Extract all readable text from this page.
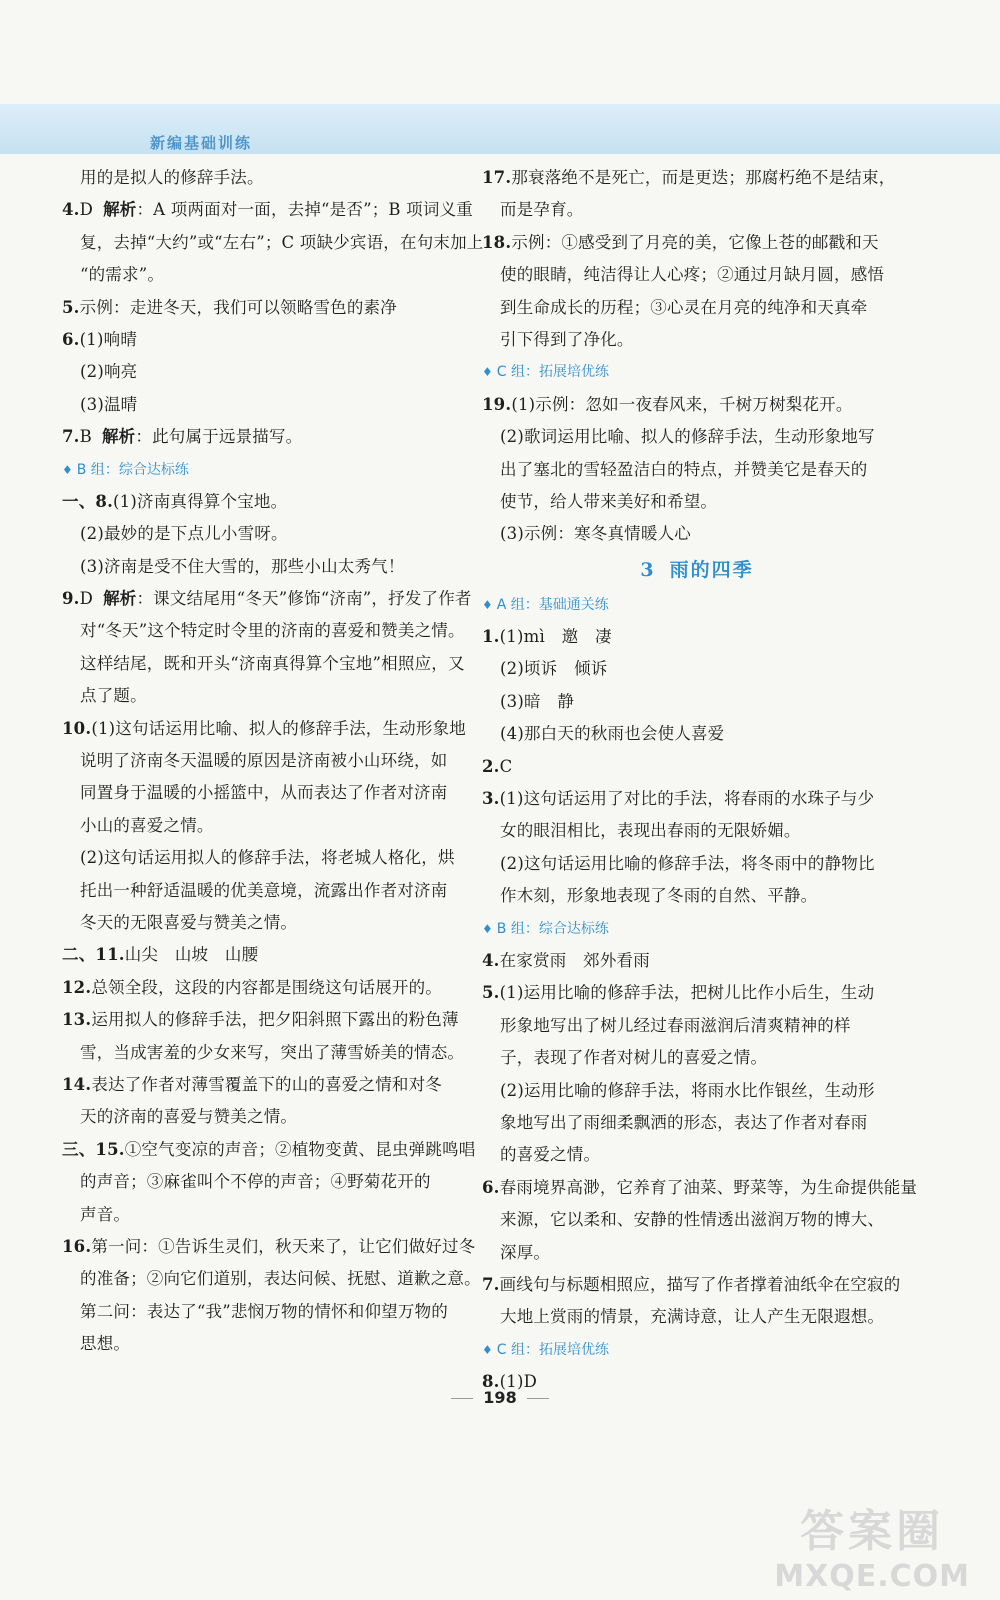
新编基础训练
用的是拟人的修辞手法。
4.D 解析：A 项两面对一面，去掉“是否”；B 项词义重
复，去掉“大约”或“左右”；C 项缺少宾语，在句末加上
“的需求”。
5.示例：走进冬天，我们可以领略雪色的素净
6.(1)响晴
(2)响亮
(3)温晴
7.B 解析：此句属于远景描写。
♦ B 组：综合达标练
一、8.(1)济南真得算个宝地。
(2)最妙的是下点儿小雪呀。
(3)济南是受不住大雪的，那些小山太秀气！
9.D 解析：课文结尾用“冬天”修饰“济南”，抒发了作者
对“冬天”这个特定时令里的济南的喜爱和赞美之情。
这样结尾，既和开头“济南真得算个宝地”相照应，又
点了题。
10.(1)这句话运用比喻、拟人的修辞手法，生动形象地
说明了济南冬天温暖的原因是济南被小山环绕，如
同置身于温暖的小摇篮中，从而表达了作者对济南
小山的喜爱之情。
(2)这句话运用拟人的修辞手法，将老城人格化，烘
托出一种舒适温暖的优美意境，流露出作者对济南
冬天的无限喜爱与赞美之情。
二、11.山尖　山坡　山腰
12.总领全段，这段的内容都是围绕这句话展开的。
13.运用拟人的修辞手法，把夕阳斜照下露出的粉色薄
雪，当成害羞的少女来写，突出了薄雪娇美的情态。
14.表达了作者对薄雪覆盖下的山的喜爱之情和对冬
天的济南的喜爱与赞美之情。
三、15.①空气变凉的声音；②植物变黄、昆虫弹跳鸣唱
的声音；③麻雀叫个不停的声音；④野菊花开的
声音。
16.第一问：①告诉生灵们，秋天来了，让它们做好过冬
的准备；②向它们道别，表达问候、抚慰、道歉之意。
第二问：表达了“我”悲悯万物的情怀和仰望万物的
思想。
17.那衰落绝不是死亡，而是更迭；那腐朽绝不是结束，
而是孕育。
18.示例：①感受到了月亮的美，它像上苍的邮戳和天
使的眼睛，纯洁得让人心疼；②通过月缺月圆，感悟
到生命成长的历程；③心灵在月亮的纯净和天真牵
引下得到了净化。
♦ C 组：拓展培优练
19.(1)示例：忽如一夜春风来，千树万树梨花开。
(2)歌词运用比喻、拟人的修辞手法，生动形象地写
出了塞北的雪轻盈洁白的特点，并赞美它是春天的
使节，给人带来美好和希望。
(3)示例：寒冬真情暖人心
3 雨的四季
♦ A 组：基础通关练
1.(1)mì　邀　凄
(2)顷诉　倾诉
(3)暗　静
(4)那白天的秋雨也会使人喜爱
2.C
3.(1)这句话运用了对比的手法，将春雨的水珠子与少
女的眼泪相比，表现出春雨的无限娇媚。
(2)这句话运用比喻的修辞手法，将冬雨中的静物比
作木刻，形象地表现了冬雨的自然、平静。
♦ B 组：综合达标练
4.在家赏雨　郊外看雨
5.(1)运用比喻的修辞手法，把树儿比作小后生，生动
形象地写出了树儿经过春雨滋润后清爽精神的样
子，表现了作者对树儿的喜爱之情。
(2)运用比喻的修辞手法，将雨水比作银丝，生动形
象地写出了雨细柔飘洒的形态，表达了作者对春雨
的喜爱之情。
6.春雨境界高渺，它养育了油菜、野菜等，为生命提供能量
来源，它以柔和、安静的性情透出滋润万物的博大、
深厚。
7.画线句与标题相照应，描写了作者撑着油纸伞在空寂的
大地上赏雨的情景，充满诗意，让人产生无限遐想。
♦ C 组：拓展培优练
8.(1)D
198
答案圈
MXQE.COM
